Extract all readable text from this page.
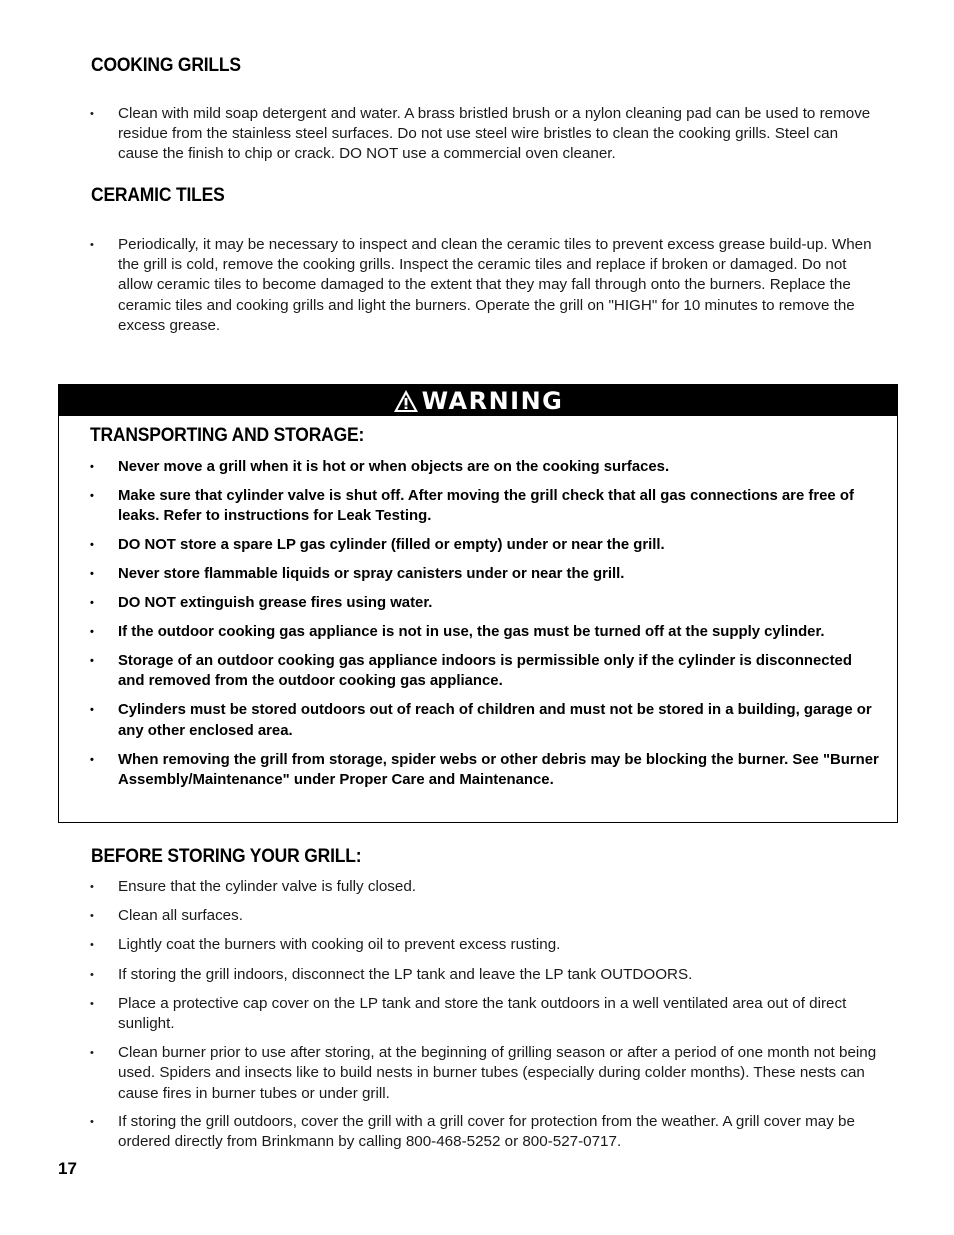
COOKING GRILLS
• Clean with mild soap detergent and water. A brass bristled brush or a nylon cleaning pad can be used to remove residue from the stainless steel surfaces. Do not use steel wire bristles to clean the cooking grills. Steel can cause the finish to chip or crack. DO NOT use a commercial oven cleaner.
CERAMIC TILES
• Periodically, it may be necessary to inspect and clean the ceramic tiles to prevent excess grease build-up. When the grill is cold, remove the cooking grills. Inspect the ceramic tiles and replace if broken or damaged. Do not allow ceramic tiles to become damaged to the extent that they may fall through onto the burners. Replace the ceramic tiles and cooking grills and light the burners. Operate the grill on "HIGH" for 10 minutes to remove the excess grease.
WARNING
TRANSPORTING AND STORAGE:
• Never move a grill when it is hot or when objects are on the cooking surfaces.
• Make sure that cylinder valve is shut off. After moving the grill check that all gas connections are free of leaks. Refer to instructions for Leak Testing.
• DO NOT store a spare LP gas cylinder (filled or empty) under or near the grill.
• Never store flammable liquids or spray canisters under or near the grill.
• DO NOT extinguish grease fires using water.
• If the outdoor cooking gas appliance is not in use, the gas must be turned off at the supply cylinder.
• Storage of an outdoor cooking gas appliance indoors is permissible only if the cylinder is disconnected and removed from the outdoor cooking gas appliance.
• Cylinders must be stored outdoors out of reach of children and must not be stored in a building, garage or any other enclosed area.
• When removing the grill from storage, spider webs or other debris may be blocking the burner. See "Burner Assembly/Maintenance" under Proper Care and Maintenance.
BEFORE STORING YOUR GRILL:
• Ensure that the cylinder valve is fully closed.
• Clean all surfaces.
• Lightly coat the burners with cooking oil to prevent excess rusting.
• If storing the grill indoors, disconnect the LP tank and leave the LP tank OUTDOORS.
• Place a protective cap cover on the LP tank and store the tank outdoors in a well ventilated area out of direct sunlight.
• Clean burner prior to use after storing, at the beginning of grilling season or after a period of one month not being used. Spiders and insects like to build nests in burner tubes (especially during colder months). These nests can cause fires in burner tubes or under grill.
• If storing the grill outdoors, cover the grill with a grill cover for protection from the weather. A grill cover may be ordered directly from Brinkmann by calling 800-468-5252 or 800-527-0717.
17
